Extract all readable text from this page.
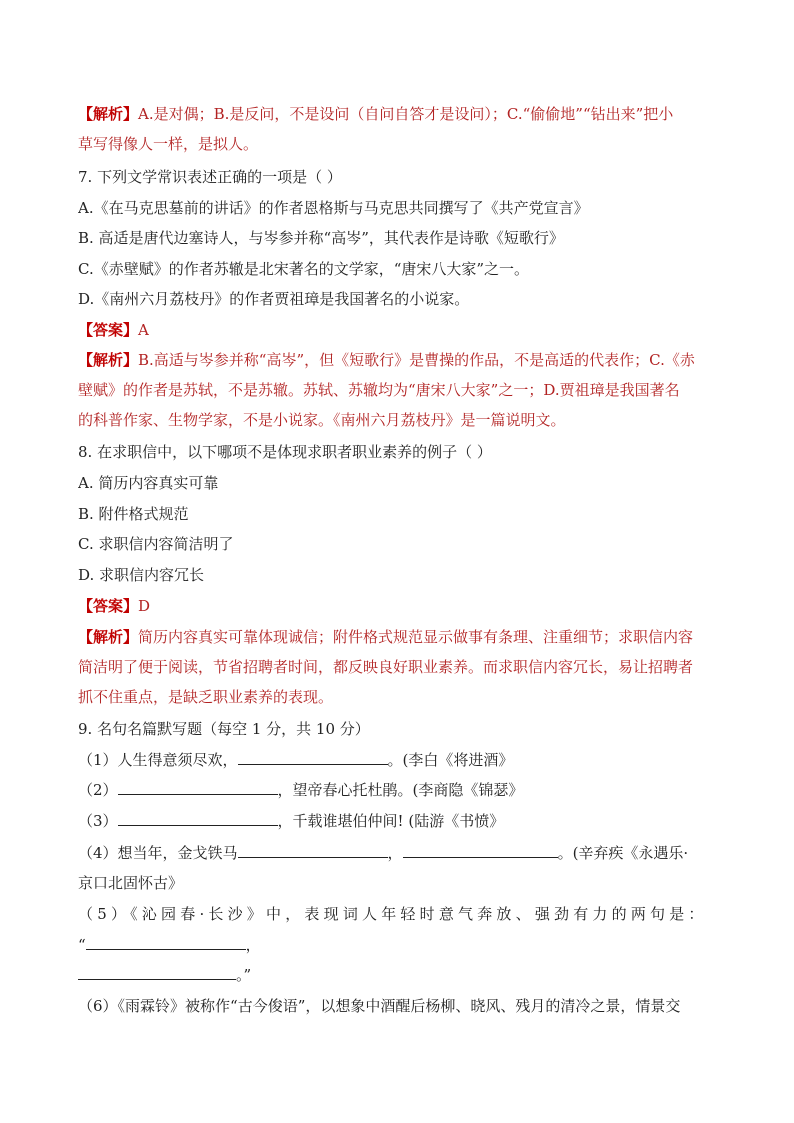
【解析】A.是对偶；B.是反问，不是设问（自问自答才是设问）；C.“偷偷地”“钻出来”把小
草写得像人一样，是拟人。
7. 下列文学常识表述正确的一项是（ ）
A.《在马克思墓前的讲话》的作者恩格斯与马克思共同撰写了《共产党宣言》
B. 高适是唐代边塞诗人，与岑参并称“高岑”，其代表作是诗歌《短歌行》
C.《赤壁赋》的作者苏辙是北宋著名的文学家，“唐宋八大家”之一。
D.《南州六月荔枝丹》的作者贾祖璋是我国著名的小说家。
【答案】A
【解析】B.高适与岑参并称“高岑”，但《短歌行》是曹操的作品，不是高适的代表作；C.《赤
壁赋》的作者是苏轼，不是苏辙。苏轼、苏辙均为“唐宋八大家”之一；D.贾祖璋是我国著名
的科普作家、生物学家，不是小说家。《南州六月荔枝丹》是一篇说明文。
8. 在求职信中，以下哪项不是体现求职者职业素养的例子（ ）
A. 简历内容真实可靠
B. 附件格式规范
C. 求职信内容简洁明了
D. 求职信内容冗长
【答案】D
【解析】简历内容真实可靠体现诚信；附件格式规范显示做事有条理、注重细节；求职信内容
简洁明了便于阅读，节省招聘者时间，都反映良好职业素养。而求职信内容冗长，易让招聘者
抓不住重点，是缺乏职业素养的表现。
9. 名句名篇默写题（每空 1 分，共 10 分）
（1）人生得意须尽欢，	。(李白《将进酒》
（2）	，望帝春心托杜鹃。(李商隐《锦瑟》
（3）	，千载谁堪伯仲间! (陆游《书愤》
（4）想当年，金戈铁马	，	。(辛弃疾《永遇乐·
京口北固怀古》
（5）《沁园春·长沙》中，表现词人年轻时意气奔放、强劲有力的两句是：
“	，
。”
（6）《雨霖铃》被称作“古今俊语”，以想象中酒醒后杨柳、晓风、残月的清冷之景，情景交
